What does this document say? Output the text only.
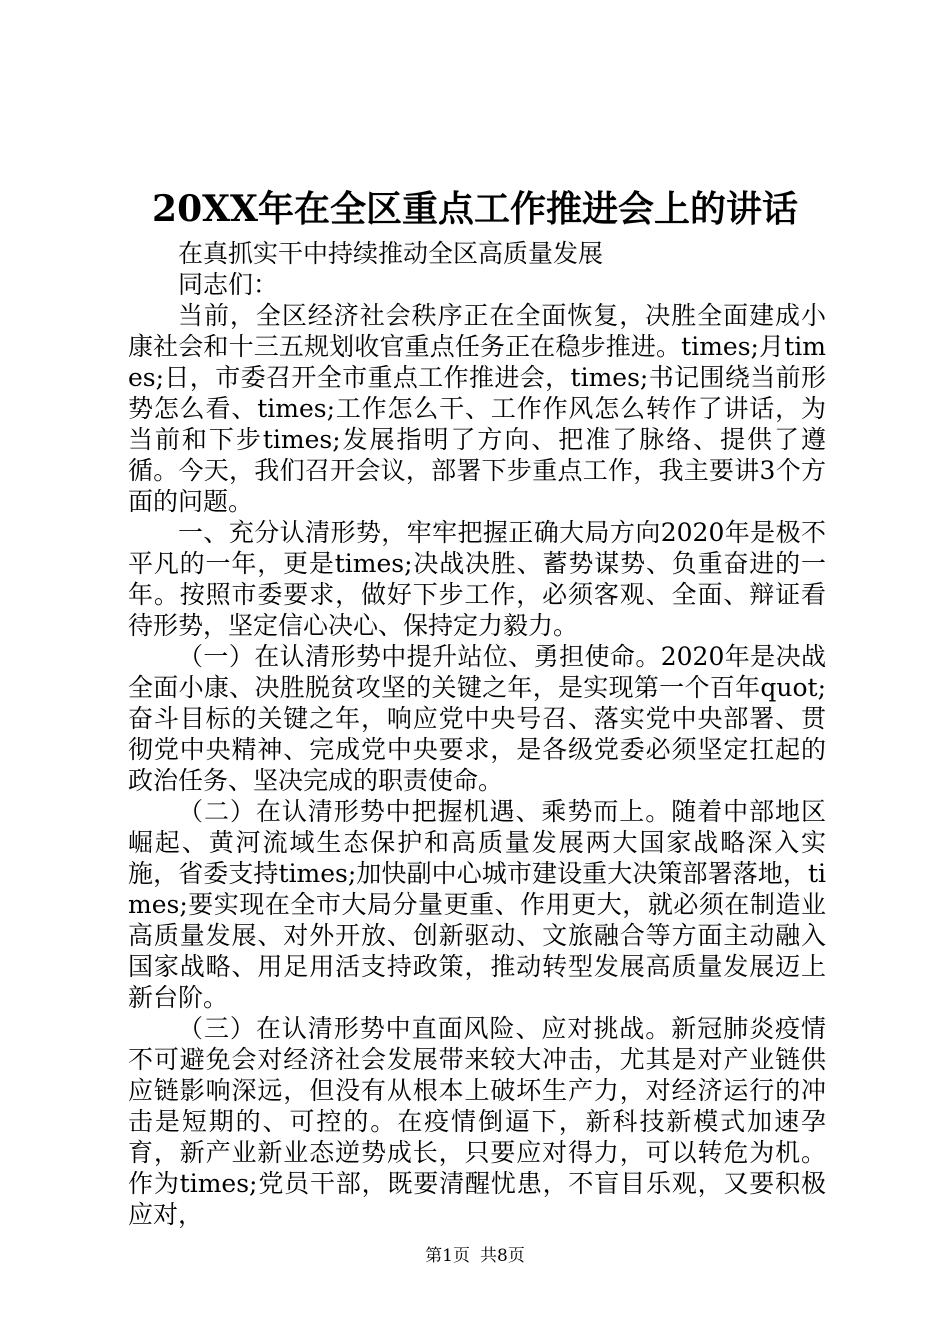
20XX年在全区重点工作推进会上的讲话

在真抓实干中持续推动全区高质量发展

同志们：

当前，全区经济社会秩序正在全面恢复，决胜全面建成小康社会和十三五规划收官重点任务正在稳步推进。times;月times;日，市委召开全市重点工作推进会，times;书记围绕当前形势怎么看、times;工作怎么干、工作作风怎么转作了讲话，为当前和下步times;发展指明了方向、把准了脉络、提供了遵循。今天，我们召开会议，部署下步重点工作，我主要讲3个方面的问题。

一、充分认清形势，牢牢把握正确大局方向2020年是极不平凡的一年，更是times;决战决胜、蓄势谋势、负重奋进的一年。按照市委要求，做好下步工作，必须客观、全面、辩证看待形势，坚定信心决心、保持定力毅力。

（一）在认清形势中提升站位、勇担使命。2020年是决战全面小康、决胜脱贫攻坚的关键之年，是实现第一个百年quot;奋斗目标的关键之年，响应党中央号召、落实党中央部署、贯彻党中央精神、完成党中央要求，是各级党委必须坚定扛起的政治任务、坚决完成的职责使命。

（二）在认清形势中把握机遇、乘势而上。随着中部地区崛起、黄河流域生态保护和高质量发展两大国家战略深入实施，省委支持times;加快副中心城市建设重大决策部署落地，times;要实现在全市大局分量更重、作用更大，就必须在制造业高质量发展、对外开放、创新驱动、文旅融合等方面主动融入国家战略、用足用活支持政策，推动转型发展高质量发展迈上新台阶。

（三）在认清形势中直面风险、应对挑战。新冠肺炎疫情不可避免会对经济社会发展带来较大冲击，尤其是对产业链供应链影响深远，但没有从根本上破坏生产力，对经济运行的冲击是短期的、可控的。在疫情倒逼下，新科技新模式加速孕育，新产业新业态逆势成长，只要应对得力，可以转危为机。作为times;党员干部，既要清醒忧患，不盲目乐观，又要积极应对，

第1页 共8页
